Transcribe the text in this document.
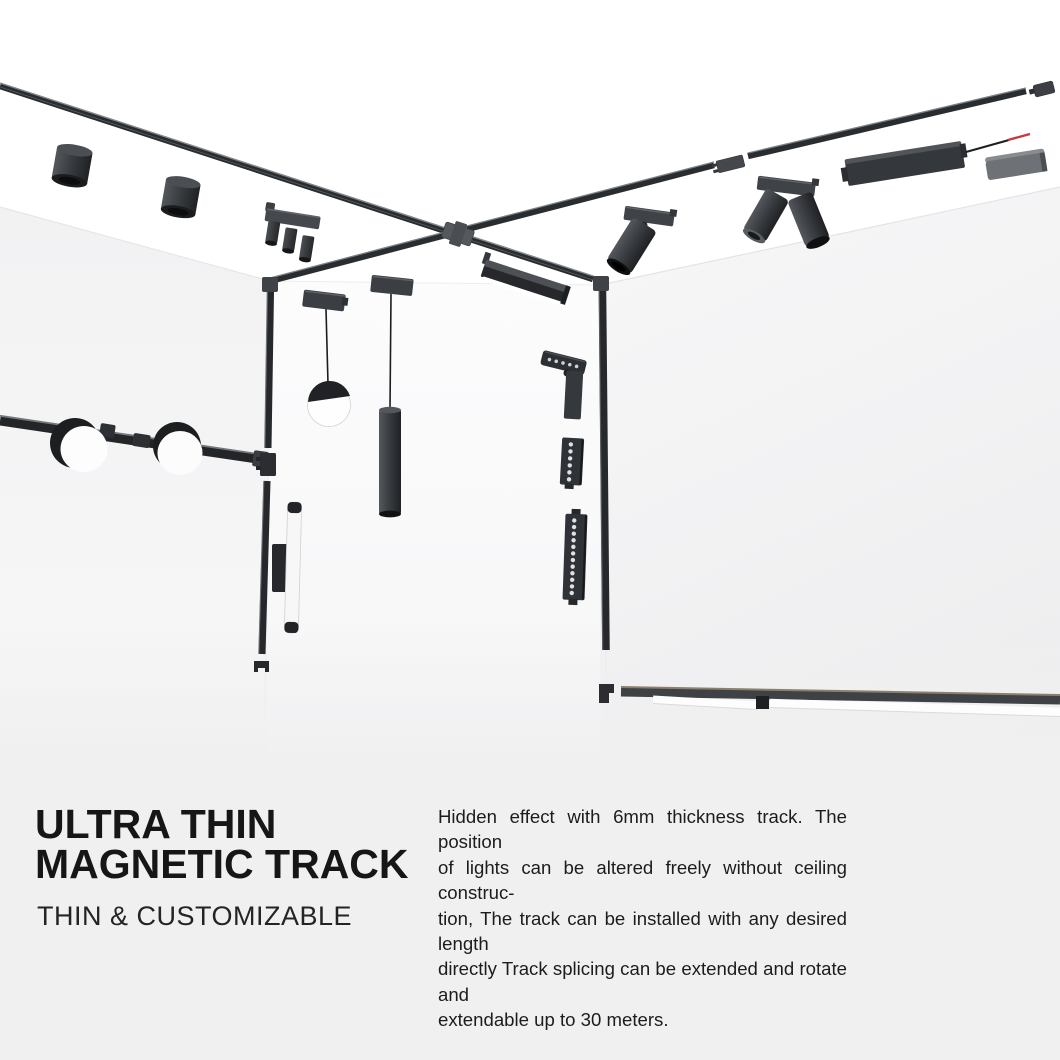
ULTRA THIN
MAGNETIC TRACK
THIN & CUSTOMIZABLE
Hidden effect with 6mm thickness track. The position
of lights can be altered freely without ceiling construc-
tion, The track can be installed with any desired length
directly Track splicing can be extended and rotate and
extendable up to 30 meters.
